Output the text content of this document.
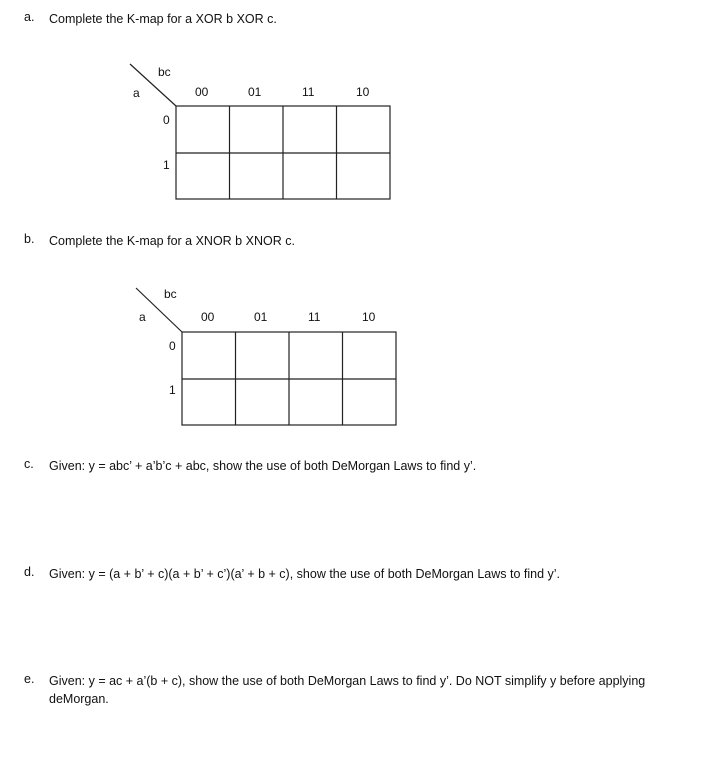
a. Complete the K-map for a XOR b XOR c.
bc
a	00	01	11	10
0
1
b. Complete the K-map for a XNOR b XNOR c.
bc
a	00	01	11	10
0
1
c. Given: y = abc’ + a’b’c + abc, show the use of both DeMorgan Laws to find y’.
d. Given: y = (a + b’ + c)(a + b’ + c’)(a’ + b + c), show the use of both DeMorgan Laws to find y’.
e. Given: y = ac + a’(b + c), show the use of both DeMorgan Laws to find y’. Do NOT simplify y before applying deMorgan.
